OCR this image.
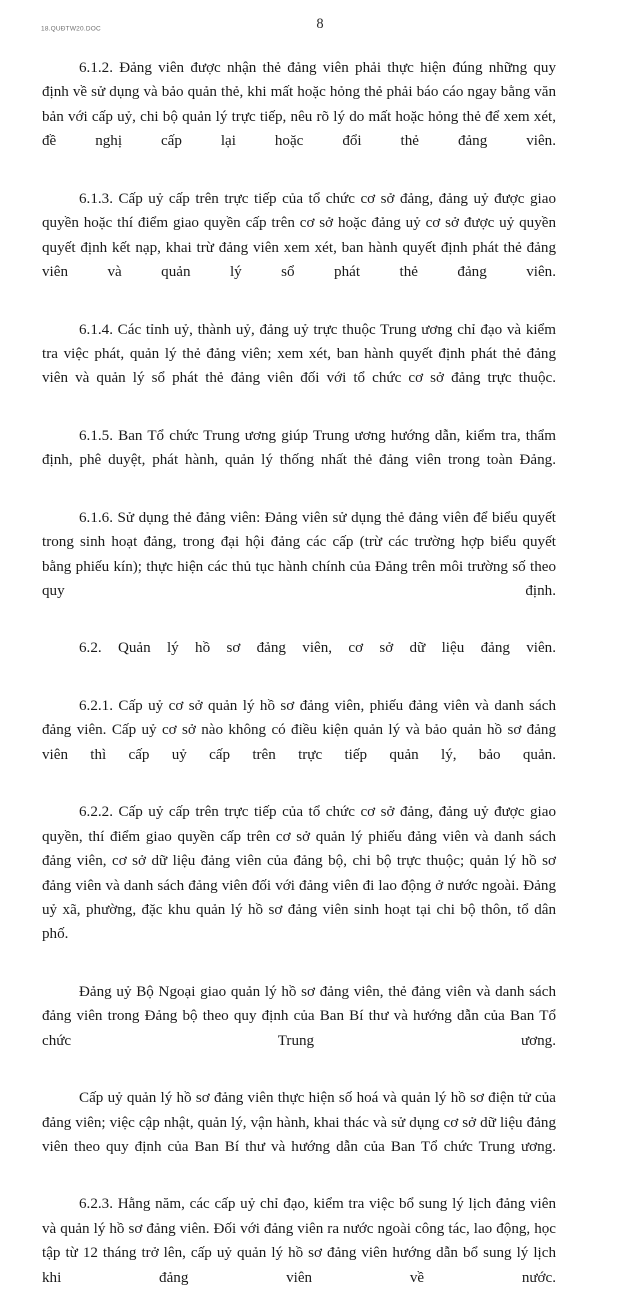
18.QUĐTW20.DOC	8

6.1.2. Đảng viên được nhận thẻ đảng viên phải thực hiện đúng những quy định về sử dụng và bảo quản thẻ, khi mất hoặc hỏng thẻ phải báo cáo ngay bằng văn bản với cấp uỷ, chi bộ quản lý trực tiếp, nêu rõ lý do mất hoặc hỏng thẻ để xem xét, đề nghị cấp lại hoặc đổi thẻ đảng viên.

6.1.3. Cấp uỷ cấp trên trực tiếp của tổ chức cơ sở đảng, đảng uỷ được giao quyền hoặc thí điểm giao quyền cấp trên cơ sở hoặc đảng uỷ cơ sở được uỷ quyền quyết định kết nạp, khai trừ đảng viên xem xét, ban hành quyết định phát thẻ đảng viên và quản lý sổ phát thẻ đảng viên.

6.1.4. Các tỉnh uỷ, thành uỷ, đảng uỷ trực thuộc Trung ương chỉ đạo và kiểm tra việc phát, quản lý thẻ đảng viên; xem xét, ban hành quyết định phát thẻ đảng viên và quản lý sổ phát thẻ đảng viên đối với tổ chức cơ sở đảng trực thuộc.

6.1.5. Ban Tổ chức Trung ương giúp Trung ương hướng dẫn, kiểm tra, thẩm định, phê duyệt, phát hành, quản lý thống nhất thẻ đảng viên trong toàn Đảng.

6.1.6. Sử dụng thẻ đảng viên: Đảng viên sử dụng thẻ đảng viên để biểu quyết trong sinh hoạt đảng, trong đại hội đảng các cấp (trừ các trường hợp biểu quyết bằng phiếu kín); thực hiện các thủ tục hành chính của Đảng trên môi trường số theo quy định.

6.2. Quản lý hồ sơ đảng viên, cơ sở dữ liệu đảng viên.

6.2.1. Cấp uỷ cơ sở quản lý hồ sơ đảng viên, phiếu đảng viên và danh sách đảng viên. Cấp uỷ cơ sở nào không có điều kiện quản lý và bảo quản hồ sơ đảng viên thì cấp uỷ cấp trên trực tiếp quản lý, bảo quản.

6.2.2. Cấp uỷ cấp trên trực tiếp của tổ chức cơ sở đảng, đảng uỷ được giao quyền, thí điểm giao quyền cấp trên cơ sở quản lý phiếu đảng viên và danh sách đảng viên, cơ sở dữ liệu đảng viên của đảng bộ, chi bộ trực thuộc; quản lý hồ sơ đảng viên và danh sách đảng viên đối với đảng viên đi lao động ở nước ngoài. Đảng uỷ xã, phường, đặc khu quản lý hồ sơ đảng viên sinh hoạt tại chi bộ thôn, tổ dân phố.

Đảng uỷ Bộ Ngoại giao quản lý hồ sơ đảng viên, thẻ đảng viên và danh sách đảng viên trong Đảng bộ theo quy định của Ban Bí thư và hướng dẫn của Ban Tổ chức Trung ương.

Cấp uỷ quản lý hồ sơ đảng viên thực hiện số hoá và quản lý hồ sơ điện tử của đảng viên; việc cập nhật, quản lý, vận hành, khai thác và sử dụng cơ sở dữ liệu đảng viên theo quy định của Ban Bí thư và hướng dẫn của Ban Tổ chức Trung ương.

6.2.3. Hằng năm, các cấp uỷ chỉ đạo, kiểm tra việc bổ sung lý lịch đảng viên và quản lý hồ sơ đảng viên. Đối với đảng viên ra nước ngoài công tác, lao động, học tập từ 12 tháng trở lên, cấp uỷ quản lý hồ sơ đảng viên hướng dẫn bổ sung lý lịch khi đảng viên về nước.
